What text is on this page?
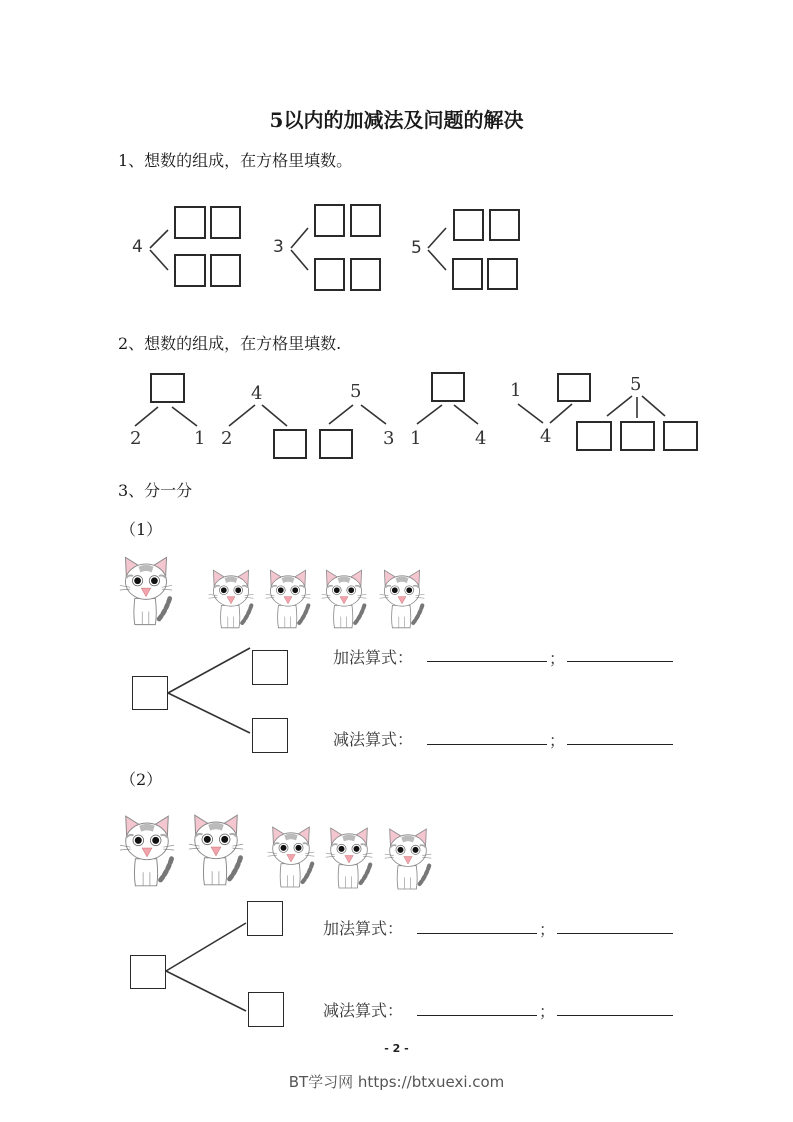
5以内的加减法及问题的解决
1、想数的组成，在方格里填数。
4	3	5
2、想数的组成，在方格里填数.
2	1
4
2
5
3 1	4
1
4
5
3、分一分
（1）
加法算式：	；
减法算式：	；
（2）
加法算式：	；
减法算式：	；
- 2 -
BT学习网 https://btxuexi.com
